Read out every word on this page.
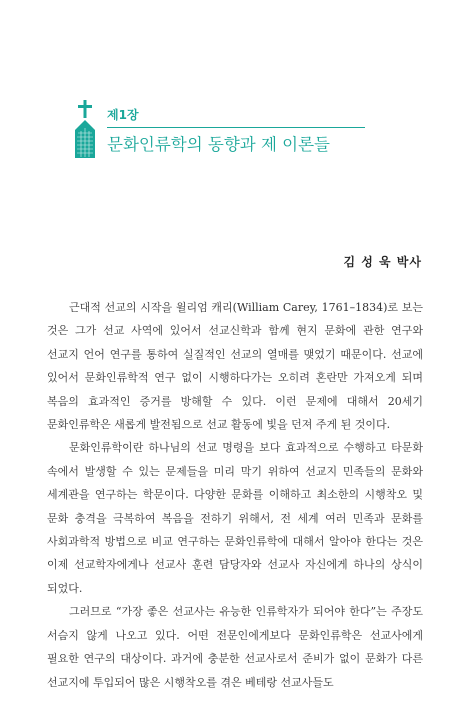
제1장
문화인류학의 동향과 제 이론들
김 성 욱 박사

근대적 선교의 시작을 윌리엄 캐리(William Carey, 1761–1834)로 보는 것은 그가 선교 사역에 있어서 선교신학과 함께 현지 문화에 관한 연구와 선교지 언어 연구를 통하여 실질적인 선교의 열매를 맺었기 때문이다. 선교에 있어서 문화인류학적 연구 없이 시행하다가는 오히려 혼란만 가져오게 되며 복음의 효과적인 증거를 방해할 수 있다. 이런 문제에 대해서 20세기 문화인류학은 새롭게 발전됨으로 선교 활동에 빛을 던져 주게 된 것이다.

문화인류학이란 하나님의 선교 명령을 보다 효과적으로 수행하고 타문화 속에서 발생할 수 있는 문제들을 미리 막기 위하여 선교지 민족들의 문화와 세계관을 연구하는 학문이다. 다양한 문화를 이해하고 최소한의 시행착오 및 문화 충격을 극복하여 복음을 전하기 위해서, 전 세계 여러 민족과 문화를 사회과학적 방법으로 비교 연구하는 문화인류학에 대해서 알아야 한다는 것은 이제 선교학자에게나 선교사 훈련 담당자와 선교사 자신에게 하나의 상식이 되었다.

그러므로 “가장 좋은 선교사는 유능한 인류학자가 되어야 한다”는 주장도 서슴지 않게 나오고 있다. 어떤 전문인에게보다 문화인류학은 선교사에게 필요한 연구의 대상이다. 과거에 충분한 선교사로서 준비가 없이 문화가 다른 선교지에 투입되어 많은 시행착오를 겪은 베테랑 선교사들도
